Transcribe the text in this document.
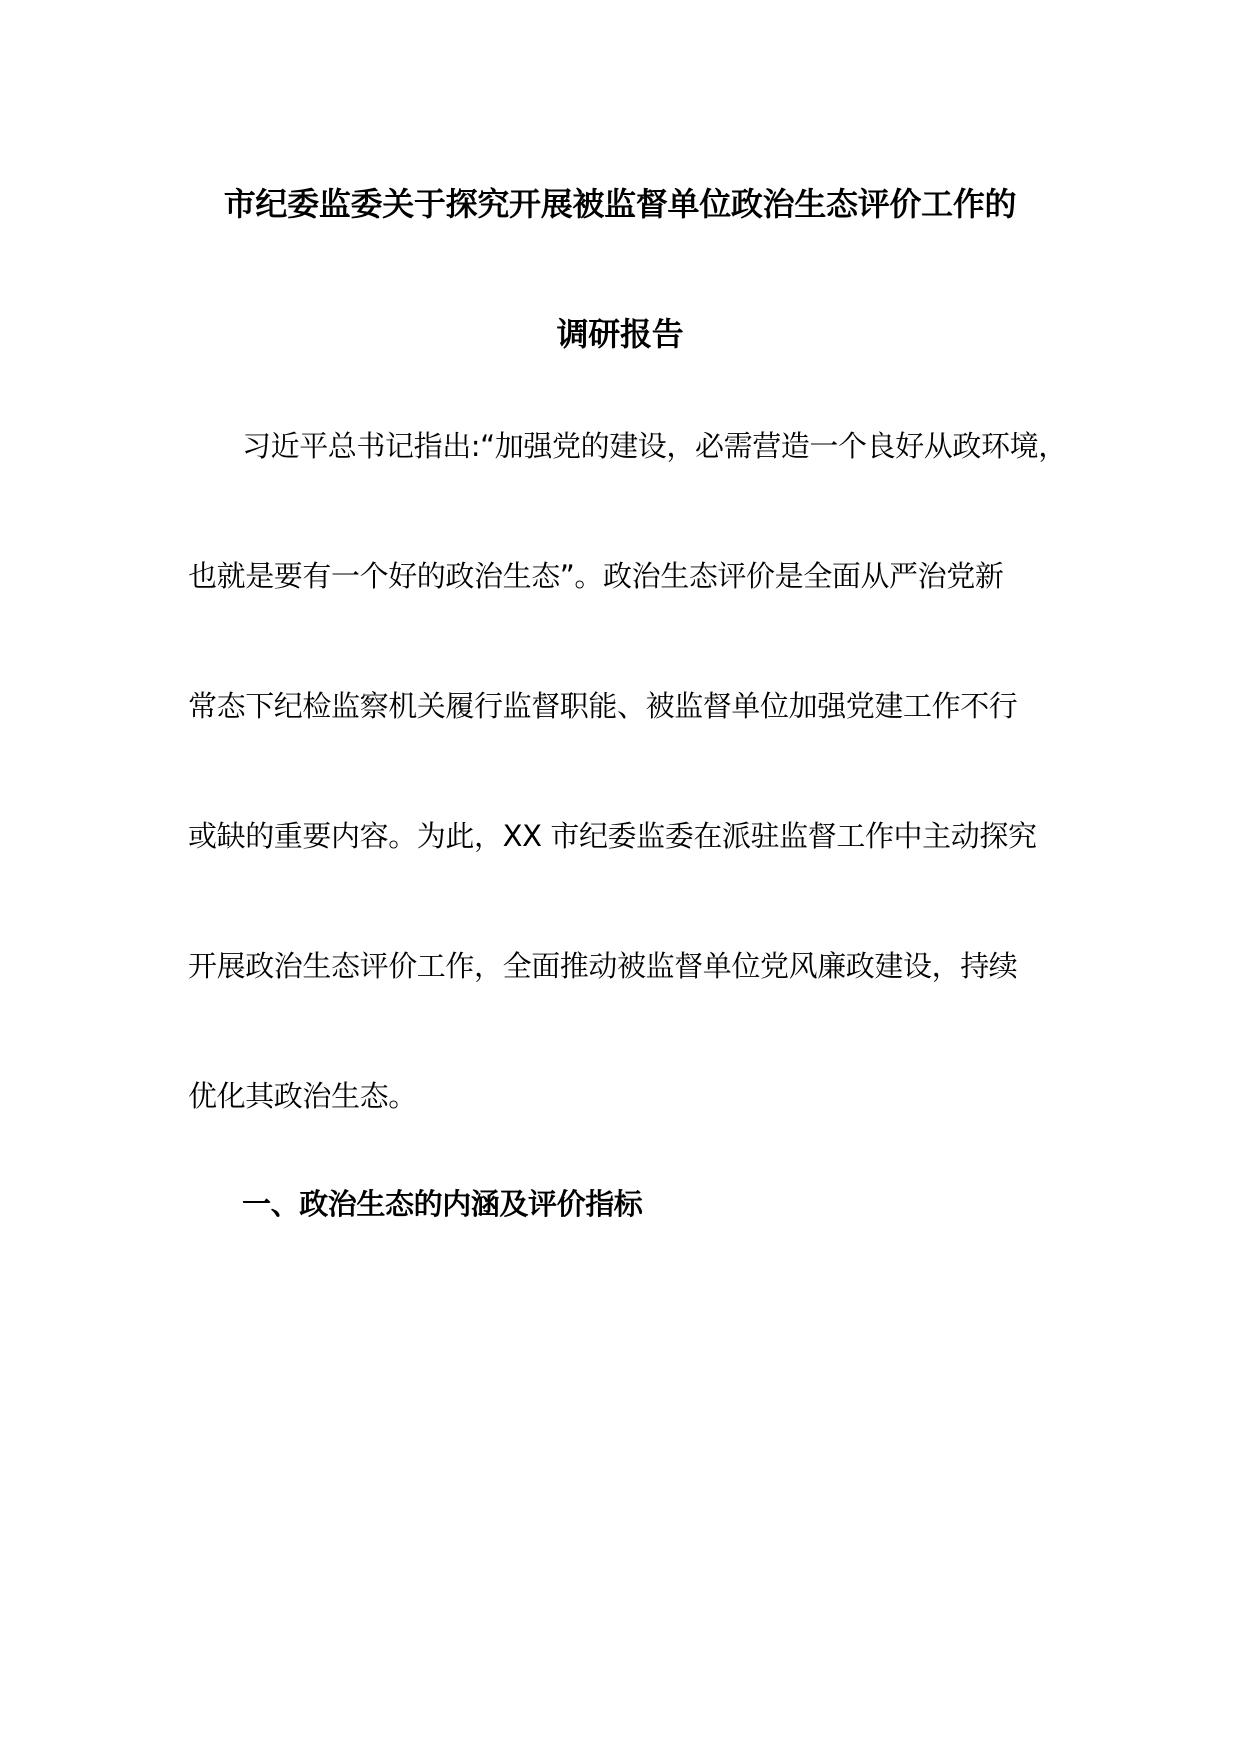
市纪委监委关于探究开展被监督单位政治生态评价工作的
调研报告
习近平总书记指出:“加强党的建设，必需营造一个良好从政环境，
也就是要有一个好的政治生态”。政治生态评价是全面从严治党新
常态下纪检监察机关履行监督职能、被监督单位加强党建工作不行
或缺的重要内容。为此，XX 市纪委监委在派驻监督工作中主动探究
开展政治生态评价工作，全面推动被监督单位党风廉政建设，持续
优化其政治生态。
一、政治生态的内涵及评价指标
